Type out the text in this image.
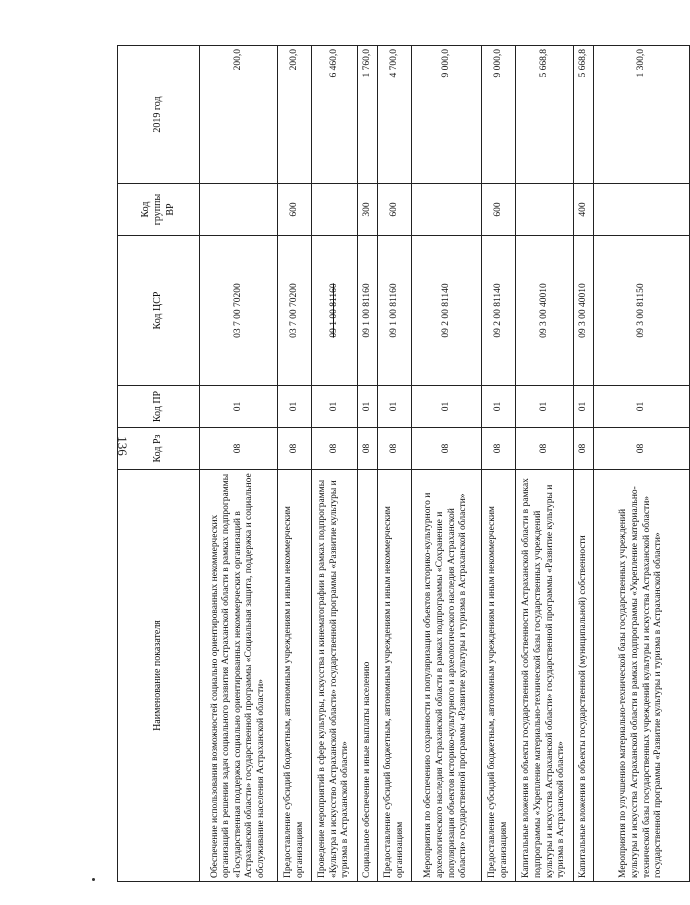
136
Наименование показателя	Код Рз	Код ПР	Код ЦСР	Код группы ВР	2019 год
Обеспечение использования возможностей социально ориентированных некоммерческих организаций в решении задач социального развития Астраханской области в рамках подпрограммы «Государственная поддержка социально ориентированных некоммерческих организаций в Астраханской области» государственной программы «Социальная защита, поддержка и социальное обслуживание населения Астраханской области»	08	01	03 7 00 70200		200,0
Предоставление субсидий бюджетным, автономным учреждениям и иным некоммерческим организациям	08	01	03 7 00 70200	600	200,0
Проведение мероприятий в сфере культуры, искусства и кинематографии в рамках подпрограммы «Культура и искусство Астраханской области» государственной программы «Развитие культуры и туризма в Астраханской области»	08	01	09 1 00 81160		6 460,0
Социальное обеспечение и иные выплаты населению	08	01	09 1 00 81160	300	1 760,0
Предоставление субсидий бюджетным, автономным учреждениям и иным некоммерческим организациям	08	01	09 1 00 81160	600	4 700,0
Мероприятия по обеспечению сохранности и популяризации объектов историко-культурного и археологического наследия Астраханской области в рамках подпрограммы «Сохранение и популяризация объектов историко-культурного и археологического наследия Астраханской области» государственной программы «Развитие культуры и туризма в Астраханской области»	08	01	09 2 00 81140		9 000,0
Предоставление субсидий бюджетным, автономным учреждениям и иным некоммерческим организациям	08	01	09 2 00 81140	600	9 000,0
Капитальные вложения в объекты государственной собственности Астраханской области в рамках подпрограммы «Укрепление материально-технической базы государственных учреждений культуры и искусства Астраханской области» государственной программы «Развитие культуры и туризма в Астраханской области»	08	01	09 3 00 40010		5 668,8
Капитальные вложения в объекты государственной (муниципальной) собственности	08	01	09 3 00 40010	400	5 668,8
Мероприятия по улучшению материально-технической базы государственных учреждений культуры и искусства Астраханской области в рамках подпрограммы «Укрепление материально-технической базы государственных учреждений культуры и искусства Астраханской области» государственной программы «Развитие культуры и туризма в Астраханской области»	08	01	09 3 00 81150		1 300,0
